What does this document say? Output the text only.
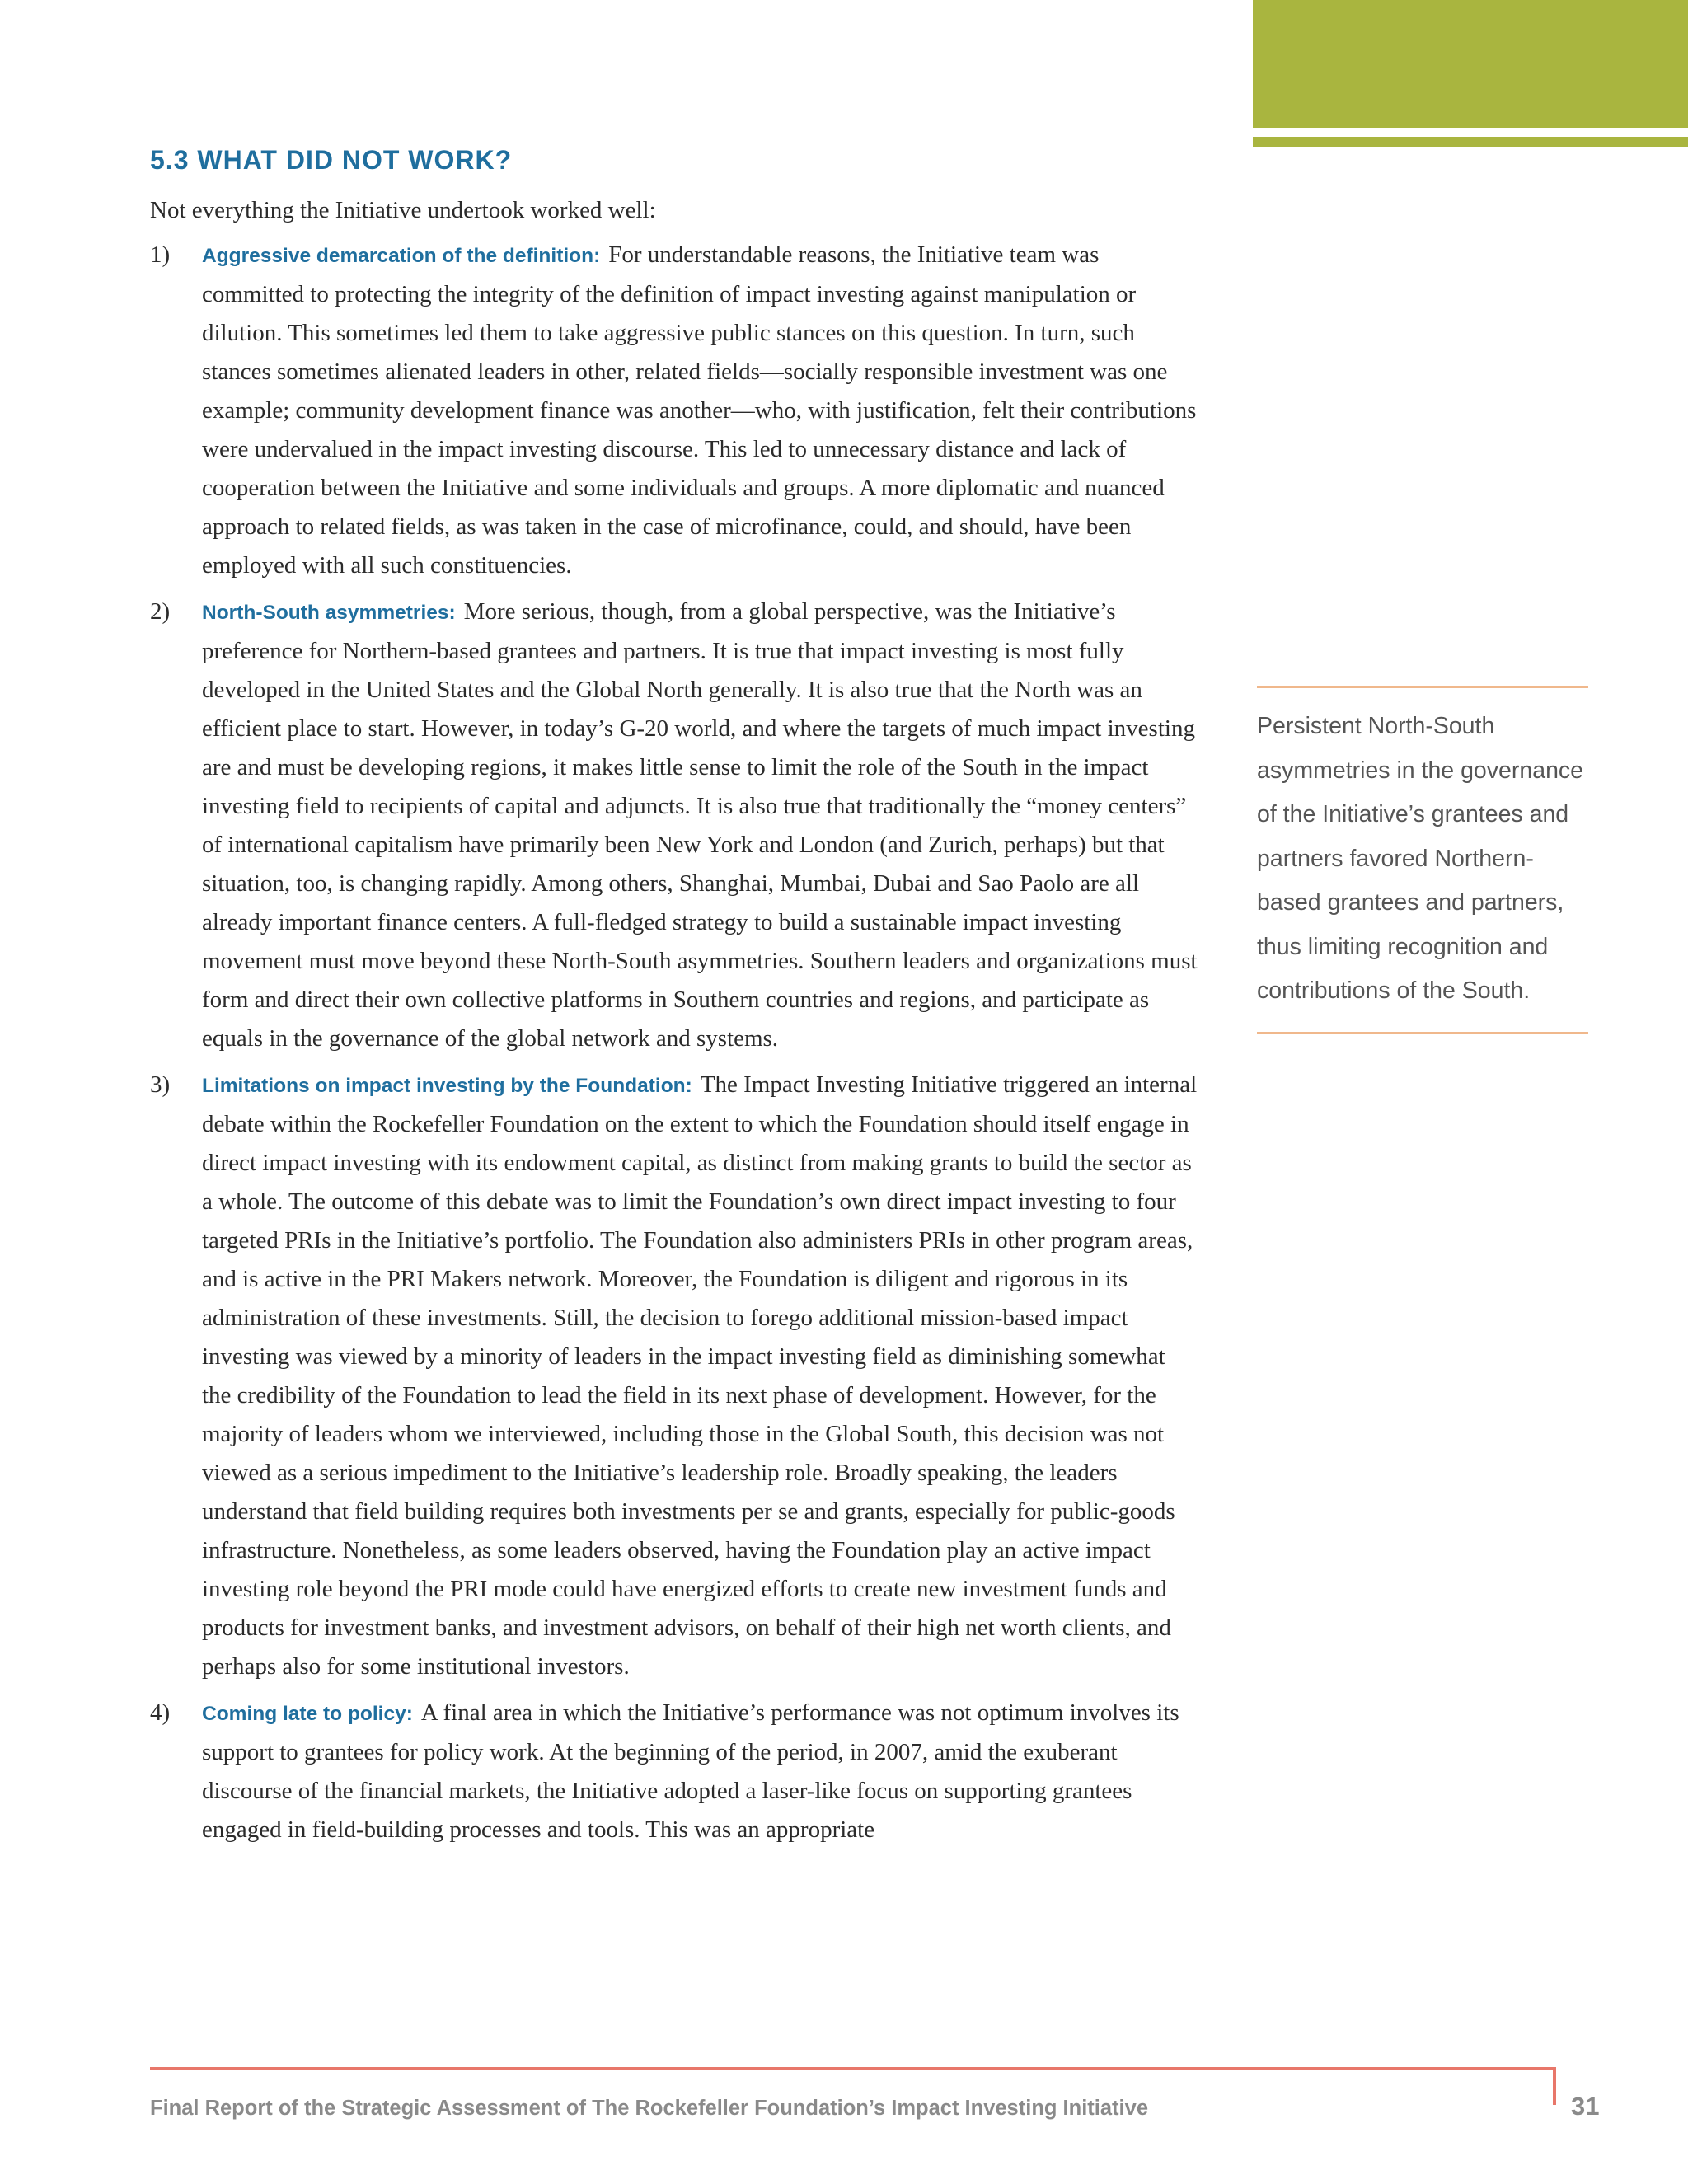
5.3 WHAT DID NOT WORK?

Not everything the Initiative undertook worked well:

1) Aggressive demarcation of the definition: For understandable reasons, the Initiative team was committed to protecting the integrity of the definition of impact investing against manipulation or dilution. This sometimes led them to take aggressive public stances on this question. In turn, such stances sometimes alienated leaders in other, related fields—socially responsible investment was one example; community development finance was another—who, with justification, felt their contributions were undervalued in the impact investing discourse. This led to unnecessary distance and lack of cooperation between the Initiative and some individuals and groups. A more diplomatic and nuanced approach to related fields, as was taken in the case of microfinance, could, and should, have been employed with all such constituencies.

2) North-South asymmetries: More serious, though, from a global perspective, was the Initiative’s preference for Northern-based grantees and partners. It is true that impact investing is most fully developed in the United States and the Global North generally. It is also true that the North was an efficient place to start. However, in today’s G-20 world, and where the targets of much impact investing are and must be developing regions, it makes little sense to limit the role of the South in the impact investing field to recipients of capital and adjuncts. It is also true that traditionally the “money centers” of international capitalism have primarily been New York and London (and Zurich, perhaps) but that situation, too, is changing rapidly. Among others, Shanghai, Mumbai, Dubai and Sao Paolo are all already important finance centers. A full-fledged strategy to build a sustainable impact investing movement must move beyond these North-South asymmetries. Southern leaders and organizations must form and direct their own collective platforms in Southern countries and regions, and participate as equals in the governance of the global network and systems.

3) Limitations on impact investing by the Foundation: The Impact Investing Initiative triggered an internal debate within the Rockefeller Foundation on the extent to which the Foundation should itself engage in direct impact investing with its endowment capital, as distinct from making grants to build the sector as a whole. The outcome of this debate was to limit the Foundation’s own direct impact investing to four targeted PRIs in the Initiative’s portfolio. The Foundation also administers PRIs in other program areas, and is active in the PRI Makers network. Moreover, the Foundation is diligent and rigorous in its administration of these investments. Still, the decision to forego additional mission-based impact investing was viewed by a minority of leaders in the impact investing field as diminishing somewhat the credibility of the Foundation to lead the field in its next phase of development. However, for the majority of leaders whom we interviewed, including those in the Global South, this decision was not viewed as a serious impediment to the Initiative’s leadership role. Broadly speaking, the leaders understand that field building requires both investments per se and grants, especially for public-goods infrastructure. Nonetheless, as some leaders observed, having the Foundation play an active impact investing role beyond the PRI mode could have energized efforts to create new investment funds and products for investment banks, and investment advisors, on behalf of their high net worth clients, and perhaps also for some institutional investors.

4) Coming late to policy: A final area in which the Initiative’s performance was not optimum involves its support to grantees for policy work. At the beginning of the period, in 2007, amid the exuberant discourse of the financial markets, the Initiative adopted a laser-like focus on supporting grantees engaged in field-building processes and tools. This was an appropriate

Persistent North-South asymmetries in the governance of the Initiative’s grantees and partners favored Northern-based grantees and partners, thus limiting recognition and contributions of the South.

Final Report of the Strategic Assessment of The Rockefeller Foundation’s Impact Investing Initiative	31
